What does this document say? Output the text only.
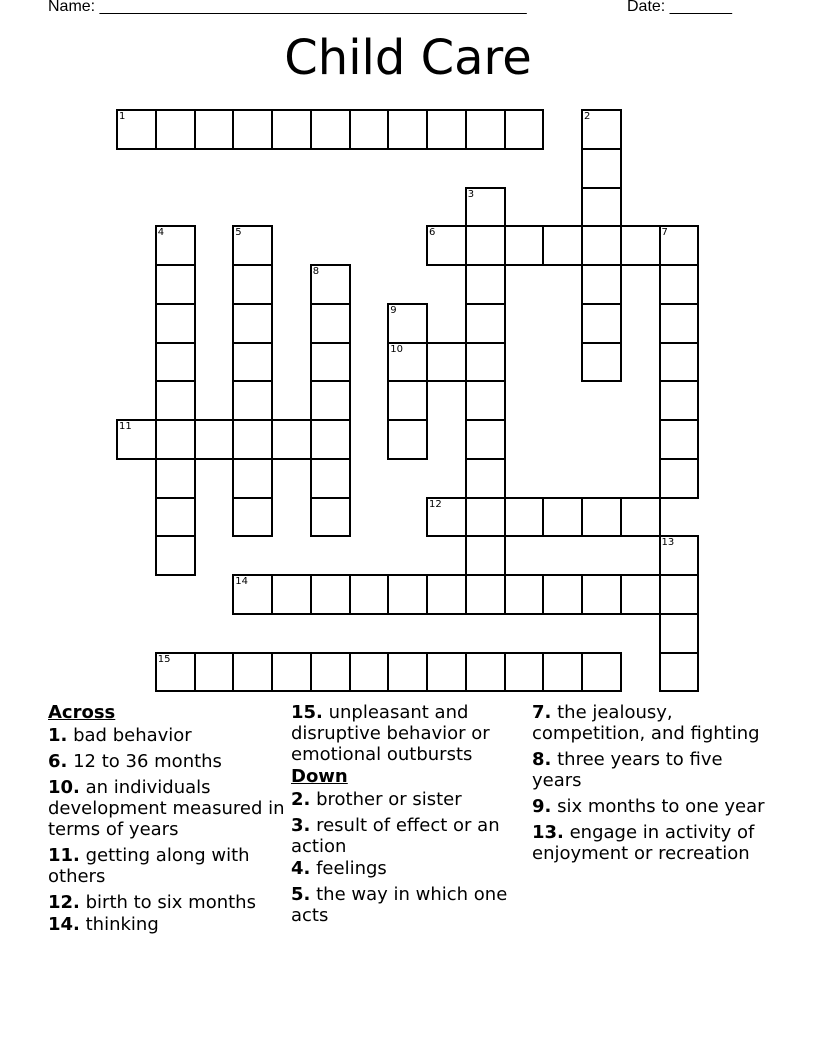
Name: ________________________________________________	Date: _______
Child Care
1	2
3
4	5	6	7
8
9
10
11
12
13
14
15
Across
1. bad behavior
6. 12 to 36 months
10. an individuals development measured in terms of years
11. getting along with others
12. birth to six months
14. thinking
15. unpleasant and disruptive behavior or emotional outbursts
Down
2. brother or sister
3. result of effect or an action
4. feelings
5. the way in which one acts
7. the jealousy, competition, and fighting
8. three years to five years
9. six months to one year
13. engage in activity of enjoyment or recreation
